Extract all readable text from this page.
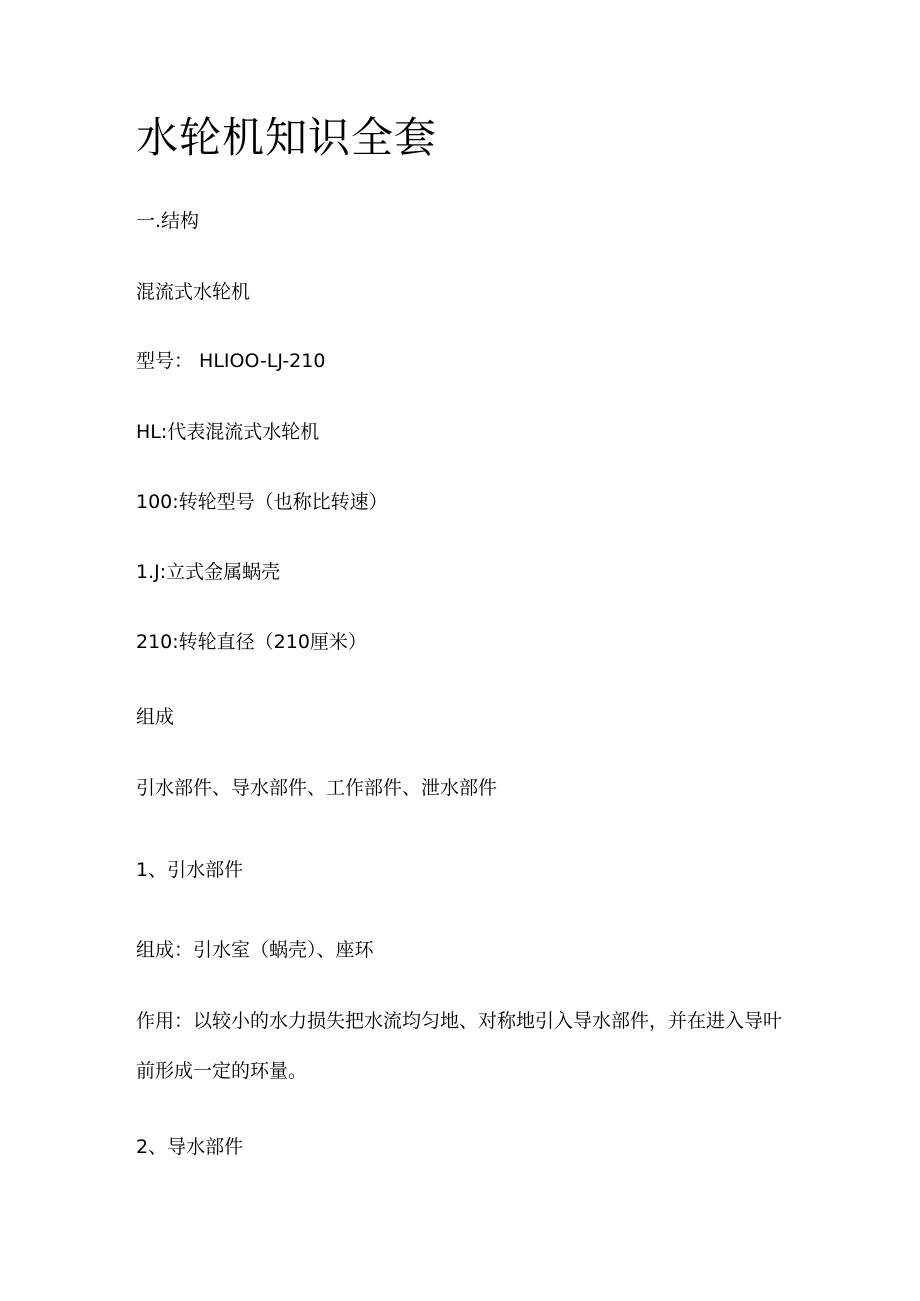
水轮机知识全套

一.结构

混流式水轮机

型号： HLIOO-LJ-210

HL:代表混流式水轮机

100:转轮型号（也称比转速）

1.J:立式金属蜗壳

210:转轮直径（210厘米）

组成

引水部件、导水部件、工作部件、泄水部件

1、引水部件

组成：引水室（蜗壳）、座环

作用：以较小的水力损失把水流均匀地、对称地引入导水部件，并在进入导叶前形成一定的环量。

2、导水部件
